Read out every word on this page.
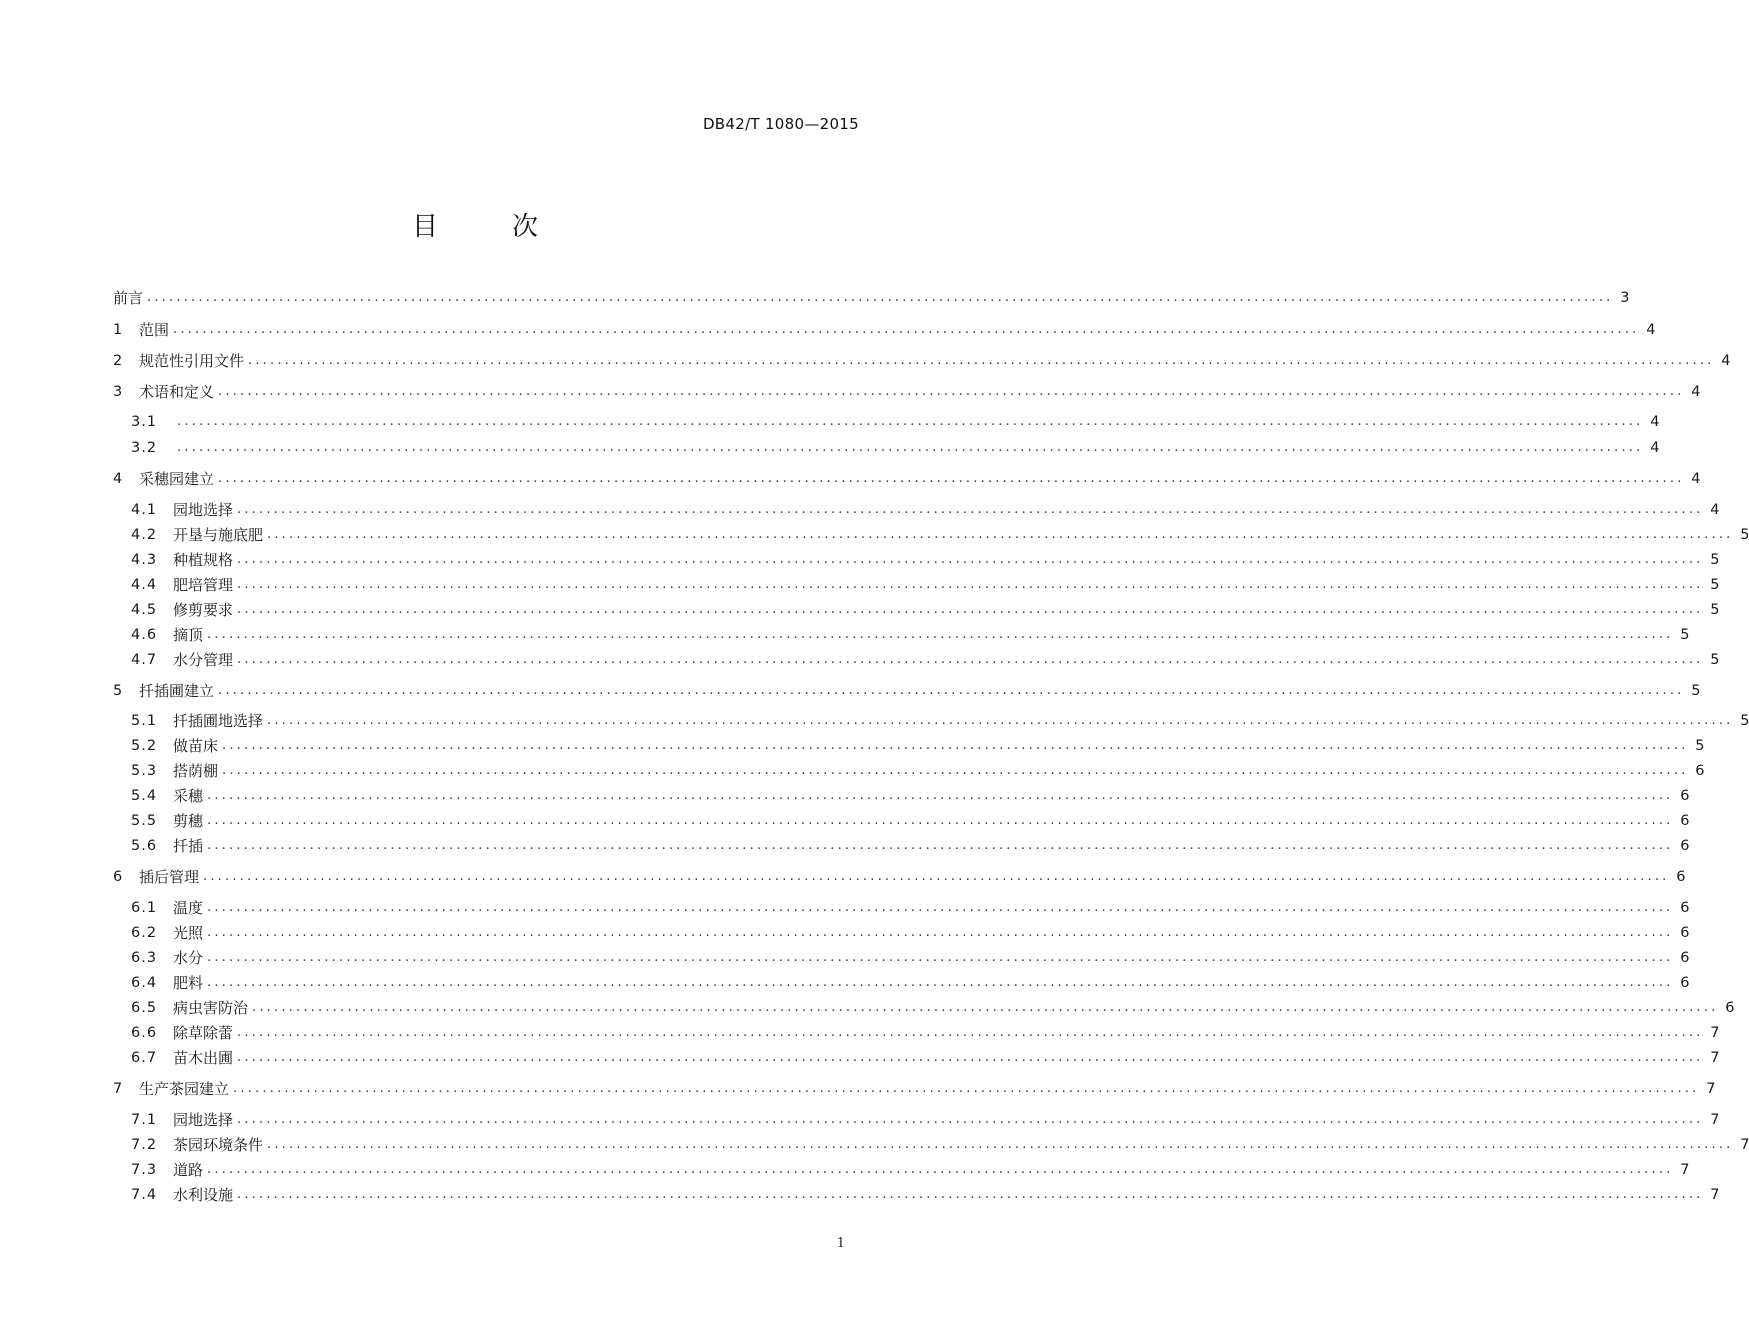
DB42/T 1080—2015
目　次
前言 ........................................................................................................................................................................................................ 3
1	范围 ........................................................................................................................................................................................................ 4
2	规范性引用文件 ........................................................................................................................................................................................................ 4
3	术语和定义 ........................................................................................................................................................................................................ 4
3.1	........................................................................................................................................................................................................ 4
3.2	........................................................................................................................................................................................................ 4
4	采穗园建立 ........................................................................................................................................................................................................ 4
4.1	园地选择 ........................................................................................................................................................................................................ 4
4.2	开垦与施底肥 ........................................................................................................................................................................................................ 5
4.3	种植规格 ........................................................................................................................................................................................................ 5
4.4	肥培管理 ........................................................................................................................................................................................................ 5
4.5	修剪要求 ........................................................................................................................................................................................................ 5
4.6	摘顶 ........................................................................................................................................................................................................ 5
4.7	水分管理 ........................................................................................................................................................................................................ 5
5	扦插圃建立 ........................................................................................................................................................................................................ 5
5.1	扦插圃地选择 ........................................................................................................................................................................................................ 5
5.2	做苗床 ........................................................................................................................................................................................................ 5
5.3	搭荫棚 ........................................................................................................................................................................................................ 6
5.4	采穗 ........................................................................................................................................................................................................ 6
5.5	剪穗 ........................................................................................................................................................................................................ 6
5.6	扦插 ........................................................................................................................................................................................................ 6
6	插后管理 ........................................................................................................................................................................................................ 6
6.1	温度 ........................................................................................................................................................................................................ 6
6.2	光照 ........................................................................................................................................................................................................ 6
6.3	水分 ........................................................................................................................................................................................................ 6
6.4	肥料 ........................................................................................................................................................................................................ 6
6.5	病虫害防治 ........................................................................................................................................................................................................ 6
6.6	除草除蕾 ........................................................................................................................................................................................................ 7
6.7	苗木出圃 ........................................................................................................................................................................................................ 7
7	生产茶园建立 ........................................................................................................................................................................................................ 7
7.1	园地选择 ........................................................................................................................................................................................................ 7
7.2	茶园环境条件 ........................................................................................................................................................................................................ 7
7.3	道路 ........................................................................................................................................................................................................ 7
7.4	水利设施 ........................................................................................................................................................................................................ 7
1
